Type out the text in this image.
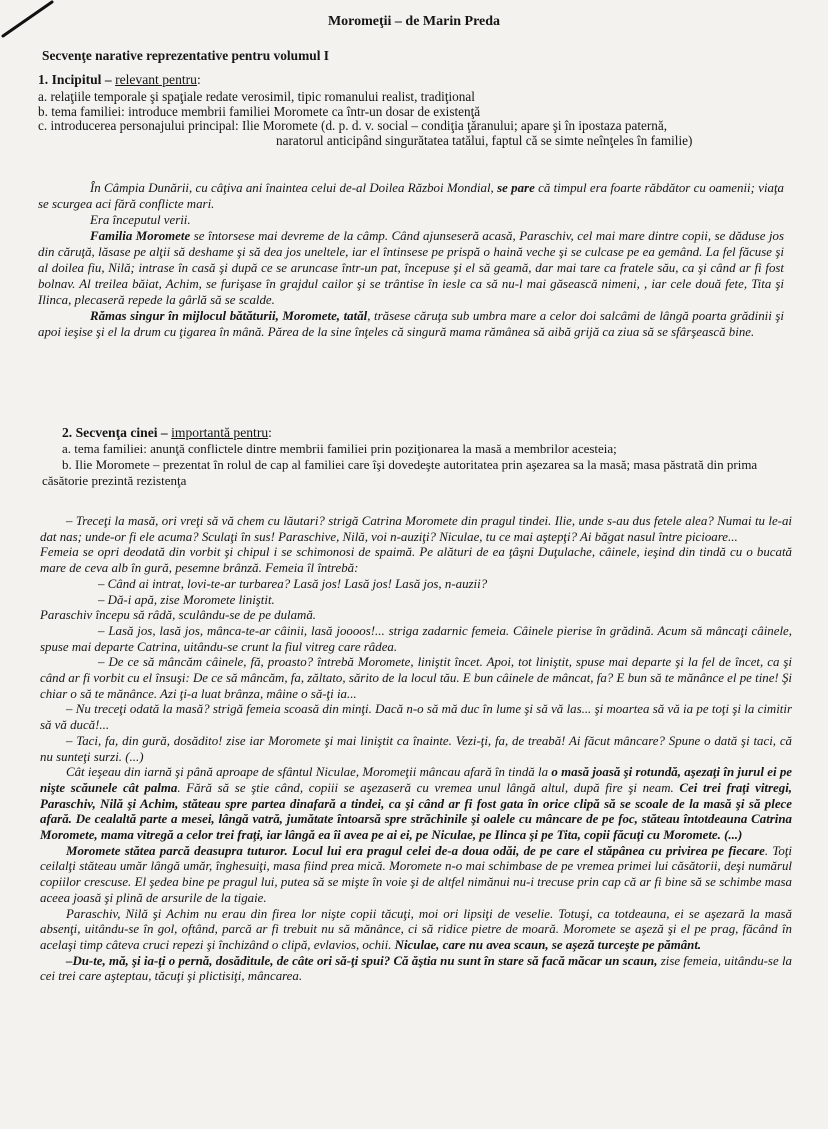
Moromeţii – de Marin Preda
Secvenţe narative reprezentative pentru volumul I
1. Incipitul – relevant pentru:
a. relaţiile temporale şi spaţiale redate verosimil, tipic romanului realist, tradiţional
b. tema familiei: introduce membrii familiei Moromete ca într-un dosar de existenţă
c. introducerea personajului principal: Ilie Moromete (d. p. d. v. social – condiţia ţăranului; apare şi în ipostaza paternă,
naratorul anticipând singurătatea tatălui, faptul că se simte neînţeles în familie)

În Câmpia Dunării, cu câţiva ani înaintea celui de-al Doilea Război Mondial, se pare că timpul era foarte răbdător cu oamenii; viaţa se scurgea aci fără conflicte mari.

Era începutul verii.

Familia Moromete se întorsese mai devreme de la câmp. Când ajunseseră acasă, Paraschiv, cel mai mare dintre copii, se dăduse jos din căruţă, lăsase pe alţii să deshame şi să dea jos uneltele, iar el întinsese pe prispă o haină veche şi se culcase pe ea gemând. La fel făcuse şi al doilea fiu, Nilă; intrase în casă şi după ce se aruncase într-un pat, începuse şi el să geamă, dar mai tare ca fratele său, ca şi când ar fi fost bolnav. Al treilea băiat, Achim, se furişase în grajdul cailor şi se trântise în iesle ca să nu-l mai găsească nimeni, , iar cele două fete, Tita şi Ilinca, plecaseră repede la gârlă să se scalde.

Rămas singur în mijlocul bătăturii, Moromete, tatăl, trăsese căruţa sub umbra mare a celor doi salcâmi de lângă poarta grădinii şi apoi ieşise şi el la drum cu ţigarea în mână. Părea de la sine înţeles că singură mama rămânea să aibă grijă ca ziua să se sfârşească bine.

2. Secvenţa cinei – importantă pentru:

a. tema familiei: anunţă conflictele dintre membrii familiei prin poziţionarea la masă a membrilor acesteia;

b. Ilie Moromete – prezentat în rolul de cap al familiei care îşi dovedeşte autoritatea prin aşezarea sa la masă; masa păstrată din prima căsătorie prezintă rezistenţa

– Treceţi la masă, ori vreţi să vă chem cu lăutari? strigă Catrina Moromete din pragul tindei. Ilie, unde s-au dus fetele alea? Numai tu le-ai dat nas; unde-or fi ele acuma? Sculaţi în sus! Paraschive, Nilă, voi n-auziţi? Niculae, tu ce mai aştepţi? Ai băgat nasul între picioare...

Femeia se opri deodată din vorbit şi chipul i se schimonosi de spaimă. Pe alături de ea ţâşni Duţulache, câinele, ieşind din tindă cu o bucată mare de ceva alb în gură, pesemne brânză. Femeia îl întrebă:

– Când ai intrat, lovi-te-ar turbarea? Lasă jos! Lasă jos! Lasă jos, n-auzii?

– Dă-i apă, zise Moromete liniştit.

Paraschiv începu să râdă, sculându-se de pe dulamă.

– Lasă jos, lasă jos, mânca-te-ar câinii, lasă joooos!... striga zadarnic femeia. Câinele pierise în grădină. Acum să mâncaţi câinele, spuse mai departe Catrina, uitându-se crunt la fiul vitreg care râdea.

– De ce să mâncăm câinele, fă, proasto? întrebă Moromete, liniştit încet. Apoi, tot liniştit, spuse mai departe şi la fel de încet, ca şi când ar fi vorbit cu el însuşi: De ce să mâncăm, fa, zăltato, sărito de la locul tău. E bun câinele de mâncat, fa? E bun să te mănânce el pe tine! Şi chiar o să te mănânce. Azi ţi-a luat brânza, mâine o să-ţi ia...

– Nu treceţi odată la masă? strigă femeia scoasă din minţi. Dacă n-o să mă duc în lume şi să vă las... şi moartea să vă ia pe toţi şi la cimitir să vă ducă!...

– Taci, fa, din gură, dosădito! zise iar Moromete şi mai liniştit ca înainte. Vezi-ţi, fa, de treabă! Ai făcut mâncare? Spune o dată şi taci, că nu sunteţi surzi. (...)

Cât ieşeau din iarnă şi până aproape de sfântul Niculae, Moromeţii mâncau afară în tindă la o masă joasă şi rotundă, aşezaţi în jurul ei pe nişte scăunele cât palma. Fără să se ştie când, copiii se aşezaseră cu vremea unul lângă altul, după fire şi neam. Cei trei fraţi vitregi, Paraschiv, Nilă şi Achim, stăteau spre partea dinafară a tindei, ca şi când ar fi fost gata în orice clipă să se scoale de la masă şi să plece afară. De cealaltă parte a mesei, lângă vatră, jumătate întoarsă spre străchinile şi oalele cu mâncare de pe foc, stăteau întotdeauna Catrina Moromete, mama vitregă a celor trei fraţi, iar lângă ea îi avea pe ai ei, pe Niculae, pe Ilinca şi pe Tita, copii făcuţi cu Moromete. (...)

Moromete stătea parcă deasupra tuturor. Locul lui era pragul celei de-a doua odăi, de pe care el stăpânea cu privirea pe fiecare. Toţi ceilalţi stăteau umăr lângă umăr, înghesuiţi, masa fiind prea mică. Moromete n-o mai schimbase de pe vremea primei lui căsătorii, deşi numărul copiilor crescuse. El şedea bine pe pragul lui, putea să se mişte în voie şi de altfel nimănui nu-i trecuse prin cap că ar fi bine să se schimbe masa aceea joasă şi plină de arsurile de la tigaie.

Paraschiv, Nilă şi Achim nu erau din firea lor nişte copii tăcuţi, moi ori lipsiţi de veselie. Totuşi, ca totdeauna, ei se aşezară la masă absenţi, uitându-se în gol, oftând, parcă ar fi trebuit nu să mănânce, ci să ridice pietre de moară. Moromete se aşeză şi el pe prag, făcând în acelaşi timp câteva cruci repezi şi închizând o clipă, evlavios, ochii. Niculae, care nu avea scaun, se aşeză turceşte pe pământ.

–Du-te, mă, şi ia-ţi o pernă, dosăditule, de câte ori să-ţi spui? Că ăştia nu sunt în stare să facă măcar un scaun, zise femeia, uitându-se la cei trei care aşteptau, tăcuţi şi plictisiţi, mâncarea.
